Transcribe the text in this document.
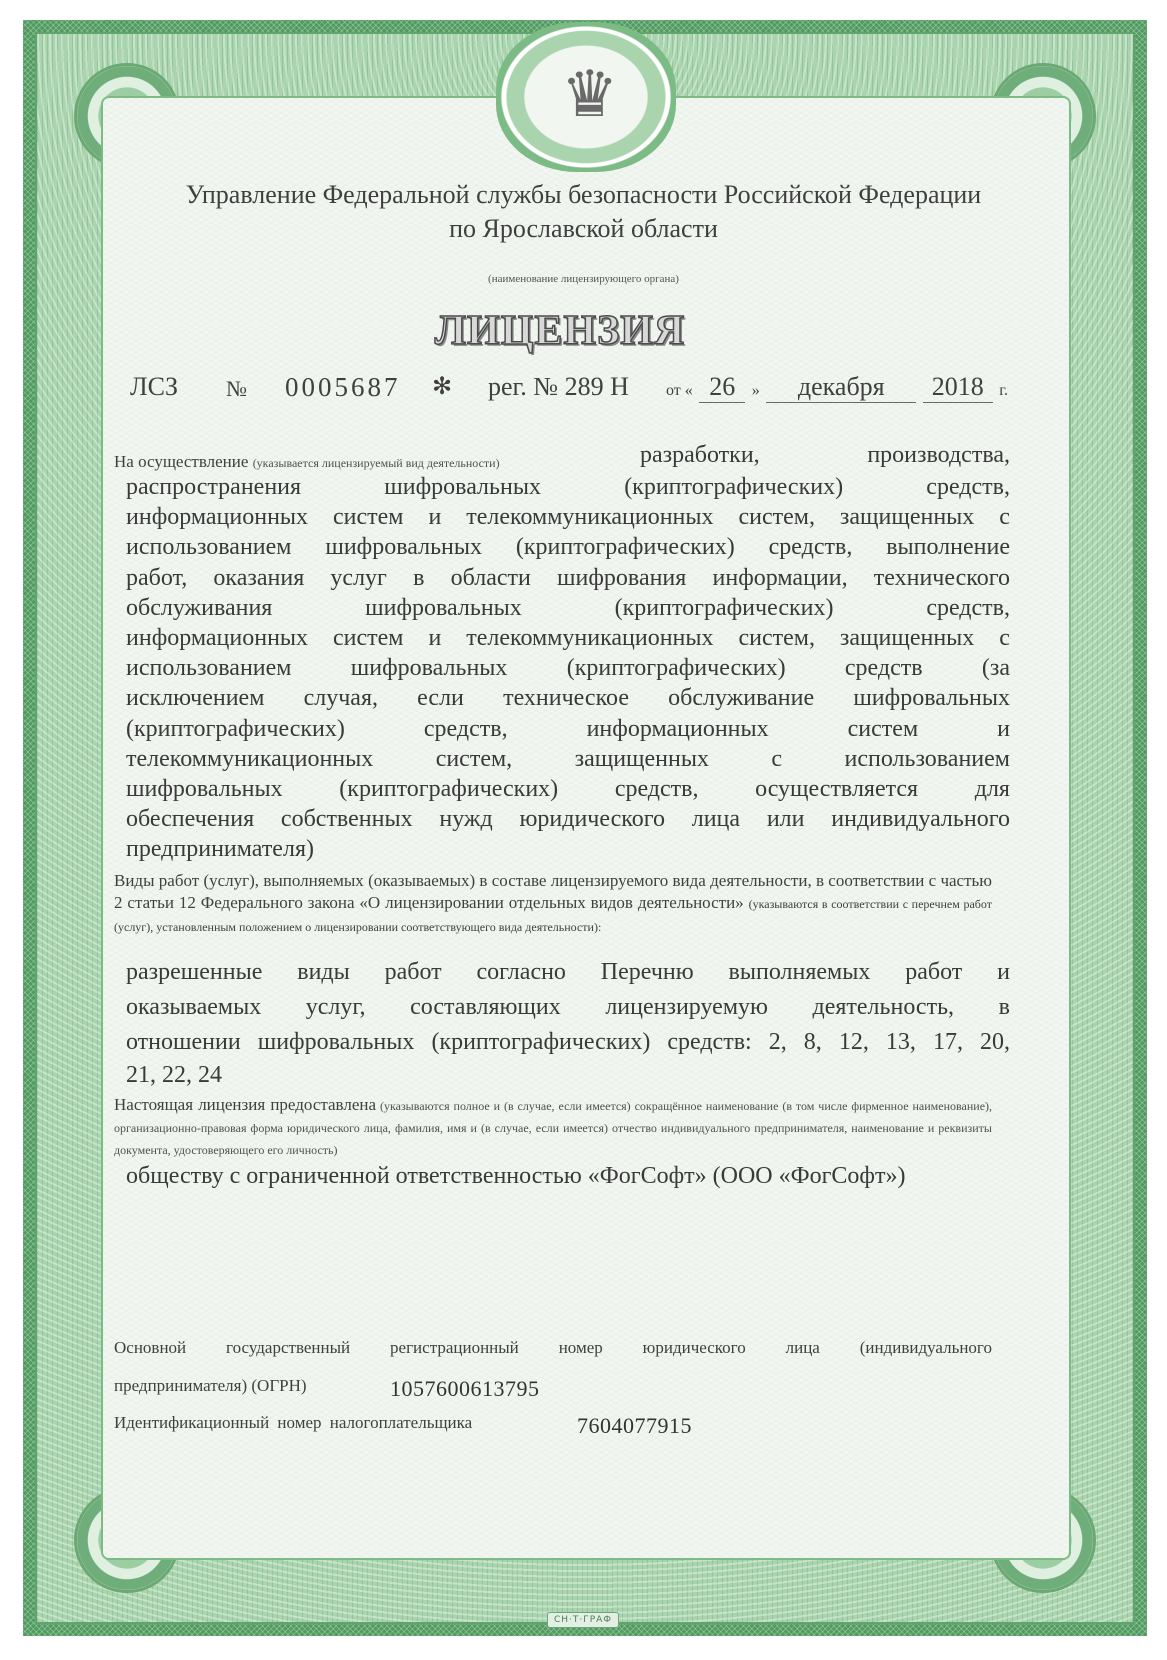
♛
СН·Т·ГРАФ
Управление Федеральной службы безопасности Российской Федерации
по Ярославской области
(наименование лицензирующего органа)
ЛИЦЕНЗИЯ
ЛСЗ № 0005687 ✻ рег. № 289 Н от « 26 » декабря 2018 г.
На осуществление (указывается лицензируемый вид деятельности)	разработки,	производства,
распространения	шифровальных	(криптографических)	средств,
информационных систем и телекоммуникационных систем, защищенных с
использованием шифровальных (криптографических) средств, выполнение
работ, оказания услуг в области шифрования информации, технического
обслуживания	шифровальных	(криптографических)	средств,
информационных систем и телекоммуникационных систем, защищенных с
использованием шифровальных (криптографических) средств (за
исключением случая, если техническое обслуживание шифровальных
(криптографических)	средств,	информационных	систем	и
телекоммуникационных	систем,	защищенных	с	использованием
шифровальных (криптографических) средств, осуществляется для
обеспечения собственных нужд юридического лица или индивидуального
предпринимателя)
Виды работ (услуг), выполняемых (оказываемых) в составе лицензируемого вида деятельности, в соответствии с частью 2 статьи 12 Федерального закона «О лицензировании отдельных видов деятельности» (указываются в соответствии с перечнем работ (услуг), установленным положением о лицензировании соответствующего вида деятельности):
разрешенные виды работ согласно Перечню выполняемых работ и
оказываемых услуг, составляющих лицензируемую деятельность, в
отношении шифровальных (криптографических) средств: 2, 8, 12, 13, 17, 20,
21, 22, 24
Настоящая лицензия предоставлена (указываются полное и (в случае, если имеется) сокращённое наименование (в том числе фирменное наименование), организационно-правовая форма юридического лица, фамилия, имя и (в случае, если имеется) отчество индивидуального предпринимателя, наименование и реквизиты документа, удостоверяющего его личность)
обществу с ограниченной ответственностью «ФогСофт» (ООО «ФогСофт»)
Основной государственный регистрационный номер юридического лица (индивидуального
предпринимателя) (ОГРН)	1057600613795
Идентификационный номер налогоплательщика	7604077915
